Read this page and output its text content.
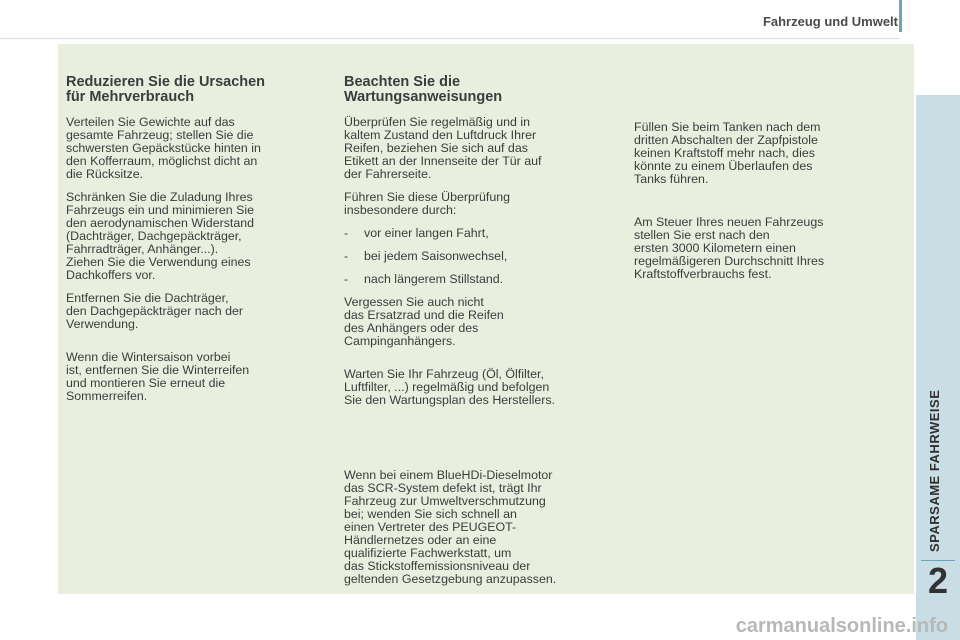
Fahrzeug und Umwelt
SPARSAME FAHRWEISE
2
Reduzieren Sie die Ursachen
für Mehrverbrauch

Verteilen Sie Gewichte auf das
gesamte Fahrzeug; stellen Sie die
schwersten Gepäckstücke hinten in
den Kofferraum, möglichst dicht an
die Rücksitze.

Schränken Sie die Zuladung Ihres
Fahrzeugs ein und minimieren Sie
den aerodynamischen Widerstand
(Dachträger, Dachgepäckträger,
Fahrradträger, Anhänger...).
Ziehen Sie die Verwendung eines
Dachkoffers vor.

Entfernen Sie die Dachträger,
den Dachgepäckträger nach der
Verwendung.

Wenn die Wintersaison vorbei
ist, entfernen Sie die Winterreifen
und montieren Sie erneut die
Sommerreifen.

Beachten Sie die
Wartungsanweisungen

Überprüfen Sie regelmäßig und in
kaltem Zustand den Luftdruck Ihrer
Reifen, beziehen Sie sich auf das
Etikett an der Innenseite der Tür auf
der Fahrerseite.

Führen Sie diese Überprüfung
insbesondere durch:

- vor einer langen Fahrt,
- bei jedem Saisonwechsel,
- nach längerem Stillstand.

Vergessen Sie auch nicht
das Ersatzrad und die Reifen
des Anhängers oder des
Campinganhängers.

Warten Sie Ihr Fahrzeug (Öl, Ölfilter,
Luftfilter, ...) regelmäßig und befolgen
Sie den Wartungsplan des Herstellers.

Wenn bei einem BlueHDi-Dieselmotor
das SCR-System defekt ist, trägt Ihr
Fahrzeug zur Umweltverschmutzung
bei; wenden Sie sich schnell an
einen Vertreter des PEUGEOT-
Händlernetzes oder an eine
qualifizierte Fachwerkstatt, um
das Stickstoffemissionsniveau der
geltenden Gesetzgebung anzupassen.

Füllen Sie beim Tanken nach dem
dritten Abschalten der Zapfpistole
keinen Kraftstoff mehr nach, dies
könnte zu einem Überlaufen des
Tanks führen.

Am Steuer Ihres neuen Fahrzeugs
stellen Sie erst nach den
ersten 3000 Kilometern einen
regelmäßigeren Durchschnitt Ihres
Kraftstoffverbrauchs fest.

carmanualsonline.info
